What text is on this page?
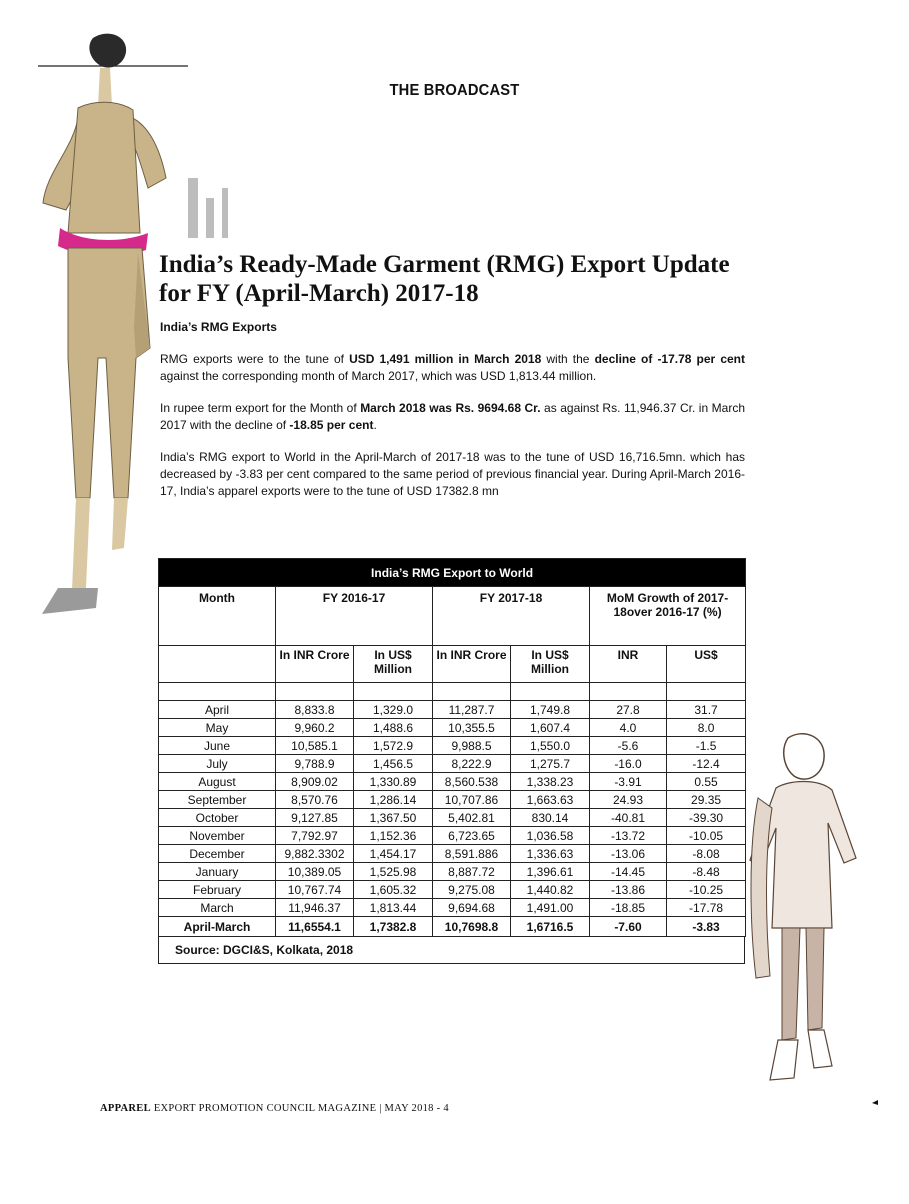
THE BROADCAST
India’s Ready-Made Garment (RMG) Export Update for FY (April-March) 2017-18

India’s RMG Exports

RMG exports were to the tune of USD 1,491 million in March 2018 with the decline of -17.78 per cent against the corresponding month of March 2017, which was USD 1,813.44 million.

In rupee term export for the Month of March 2018 was Rs. 9694.68 Cr. as against Rs. 11,946.37 Cr. in March 2017 with the decline of -18.85 per cent.

India’s RMG export to World in the April-March of 2017-18 was to the tune of USD 16,716.5mn. which has decreased by -3.83 per cent compared to the same period of previous financial year. During April-March 2016-17, India’s apparel exports were to the tune of USD 17382.8 mn

India’s RMG Export to World						
Month	FY 2016-17		FY 2017-18		MoM Growth of 2017-18over 2016-17 (%)	
	In INR Crore	In US$ Million	In INR Crore	In US$ Million	INR	US$

April	8,833.8	1,329.0	11,287.7	1,749.8	27.8	31.7
May	9,960.2	1,488.6	10,355.5	1,607.4	4.0	8.0
June	10,585.1	1,572.9	9,988.5	1,550.0	-5.6	-1.5
July	9,788.9	1,456.5	8,222.9	1,275.7	-16.0	-12.4
August	8,909.02	1,330.89	8,560.538	1,338.23	-3.91	0.55
September	8,570.76	1,286.14	10,707.86	1,663.63	24.93	29.35
October	9,127.85	1,367.50	5,402.81	830.14	-40.81	-39.30
November	7,792.97	1,152.36	6,723.65	1,036.58	-13.72	-10.05
December	9,882.3302	1,454.17	8,591.886	1,336.63	-13.06	-8.08
January	10,389.05	1,525.98	8,887.72	1,396.61	-14.45	-8.48
February	10,767.74	1,605.32	9,275.08	1,440.82	-13.86	-10.25
March	11,946.37	1,813.44	9,694.68	1,491.00	-18.85	-17.78
April-March	11,6554.1	1,7382.8	10,7698.8	1,6716.5	-7.60	-3.83
Source: DGCI&S, Kolkata, 2018
APPAREL EXPORT PROMOTION COUNCIL MAGAZINE | MAY 2018 - 4
